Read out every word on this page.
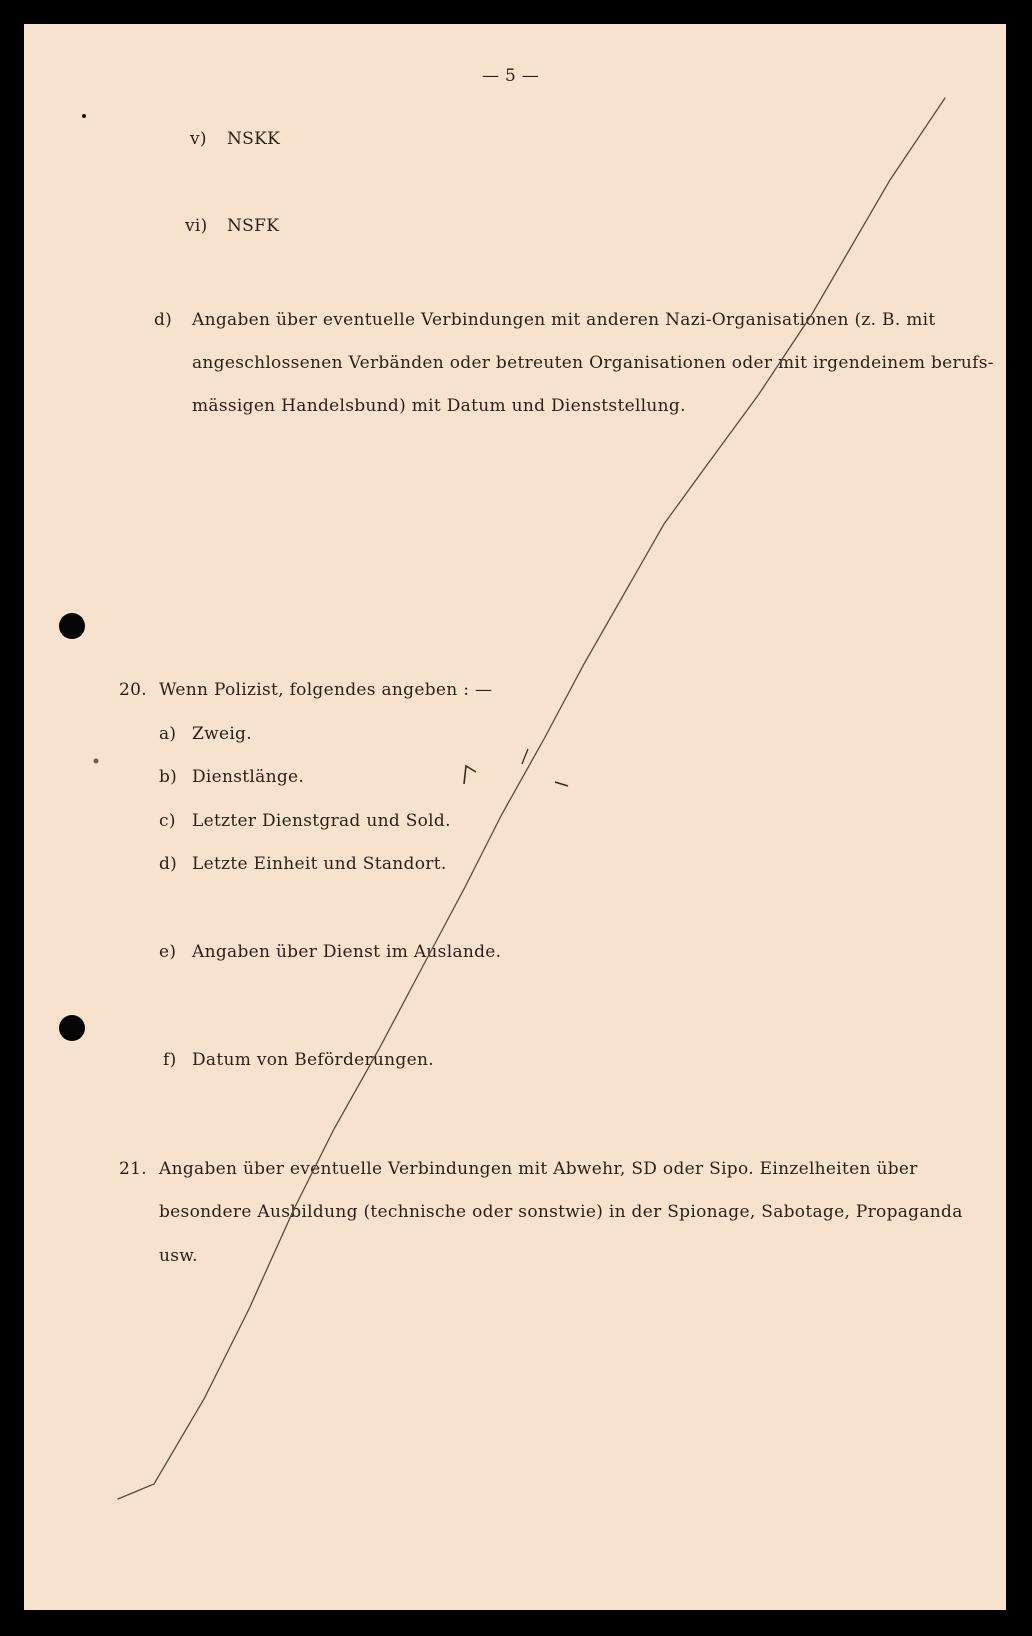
— 5 —
v) NSKK
vi) NSFK
d) Angaben über eventuelle Verbindungen mit anderen Nazi-Organisationen (z. B. mit
angeschlossenen Verbänden oder betreuten Organisationen oder mit irgendeinem berufs-
mässigen Handelsbund) mit Datum und Dienststellung.
20. Wenn Polizist, folgendes angeben : —
a) Zweig.
b) Dienstlänge.
c) Letzter Dienstgrad und Sold.
d) Letzte Einheit und Standort.
e) Angaben über Dienst im Auslande.
f) Datum von Beförderungen.
21. Angaben über eventuelle Verbindungen mit Abwehr, SD oder Sipo. Einzelheiten über
besondere Ausbildung (technische oder sonstwie) in der Spionage, Sabotage, Propaganda
usw.
